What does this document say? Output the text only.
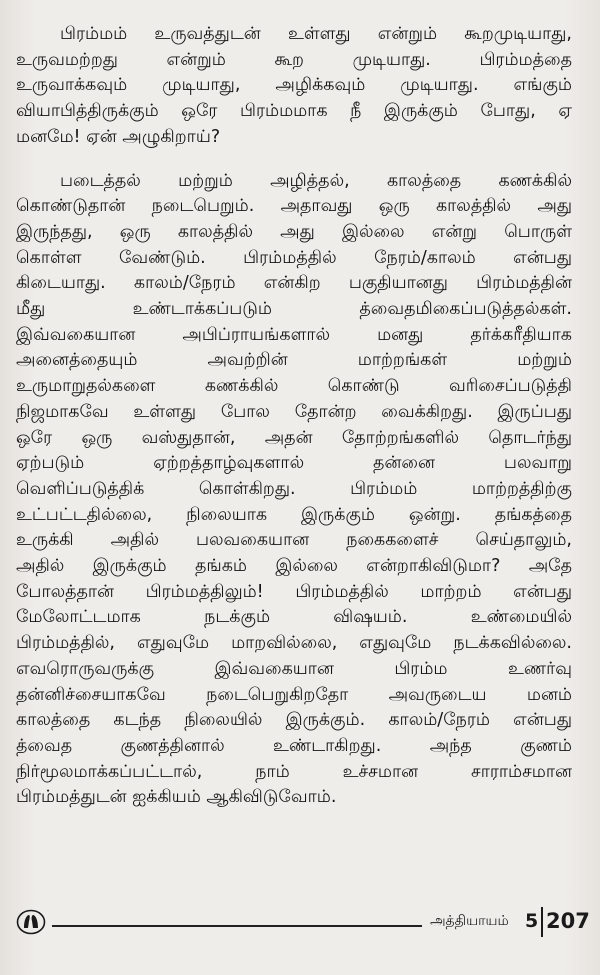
பிரம்மம் உருவத்துடன் உள்ளது என்றும் கூறமுடியாது,
உருவமற்றது என்றும் கூற முடியாது. பிரம்மத்தை
உருவாக்கவும் முடியாது, அழிக்கவும் முடியாது. எங்கும்
வியாபித்திருக்கும் ஒரே பிரம்மமாக நீ இருக்கும் போது, ஏ
மனமே! ஏன் அழுகிறாய்?

படைத்தல் மற்றும் அழித்தல், காலத்தை கணக்கில்
கொண்டுதான் நடைபெறும். அதாவது ஒரு காலத்தில் அது
இருந்தது, ஒரு காலத்தில் அது இல்லை என்று பொருள்
கொள்ள வேண்டும். பிரம்மத்தில் நேரம்/காலம் என்பது
கிடையாது. காலம்/நேரம் என்கிற பகுதியானது பிரம்மத்தின்
மீது உண்டாக்கப்படும் த்வைதமிகைப்படுத்தல்கள்.
இவ்வகையான அபிப்ராயங்களால் மனது தர்க்கரீதியாக
அனைத்தையும் அவற்றின் மாற்றங்கள் மற்றும்
உருமாறுதல்களை கணக்கில் கொண்டு வரிசைப்படுத்தி
நிஜமாகவே உள்ளது போல தோன்ற வைக்கிறது. இருப்பது
ஒரே ஒரு வஸ்துதான், அதன் தோற்றங்களில் தொடர்ந்து
ஏற்படும் ஏற்றத்தாழ்வுகளால் தன்னை பலவாறு
வெளிப்படுத்திக் கொள்கிறது. பிரம்மம் மாற்றத்திற்கு
உட்பட்டதில்லை, நிலையாக இருக்கும் ஒன்று. தங்கத்தை
உருக்கி அதில் பலவகையான நகைகளைச் செய்தாலும்,
அதில் இருக்கும் தங்கம் இல்லை என்றாகிவிடுமா? அதே
போலத்தான் பிரம்மத்திலும்! பிரம்மத்தில் மாற்றம் என்பது
மேலோட்டமாக நடக்கும் விஷயம். உண்மையில்
பிரம்மத்தில், எதுவுமே மாறவில்லை, எதுவுமே நடக்கவில்லை.
எவரொருவருக்கு இவ்வகையான பிரம்ம உணர்வு
தன்னிச்சையாகவே நடைபெறுகிறதோ அவருடைய மனம்
காலத்தை கடந்த நிலையில் இருக்கும். காலம்/நேரம் என்பது
த்வைத குணத்தினால் உண்டாகிறது. அந்த குணம்
நிர்மூலமாக்கப்பட்டால், நாம் உச்சமான சாராம்சமான
பிரம்மத்துடன் ஐக்கியம் ஆகிவிடுவோம்.

அத்தியாயம் 5 207
